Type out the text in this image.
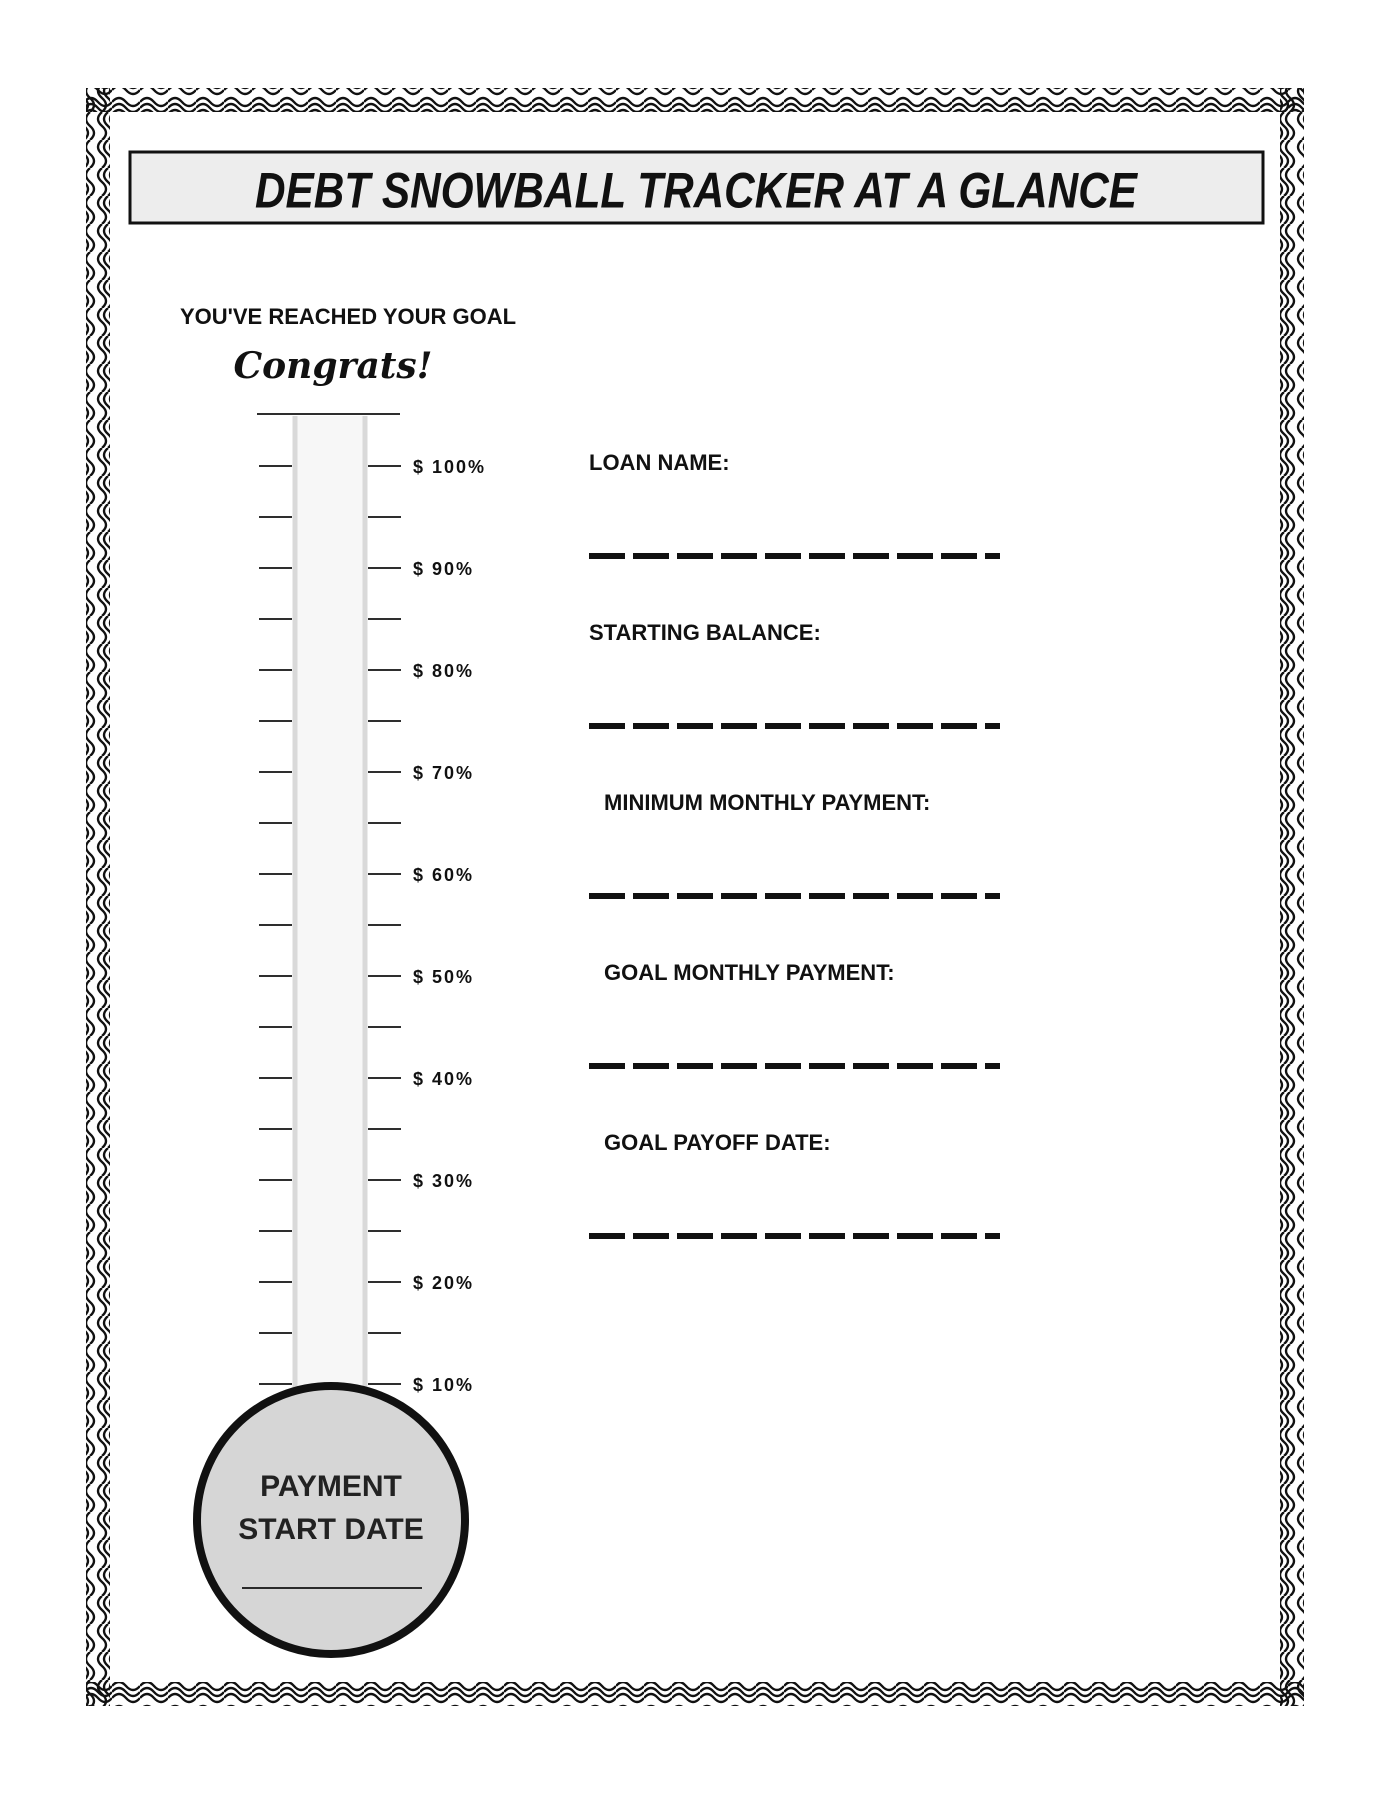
DEBT SNOWBALL TRACKER AT A GLANCE
YOU'VE REACHED YOUR GOAL
Congrats!
$ 100%
$ 90%
$ 80%
$ 70%
$ 60%
$ 50%
$ 40%
$ 30%
$ 20%
$ 10%
PAYMENT
START DATE
LOAN NAME:
STARTING BALANCE:
MINIMUM MONTHLY PAYMENT:
GOAL MONTHLY PAYMENT:
GOAL PAYOFF DATE:
